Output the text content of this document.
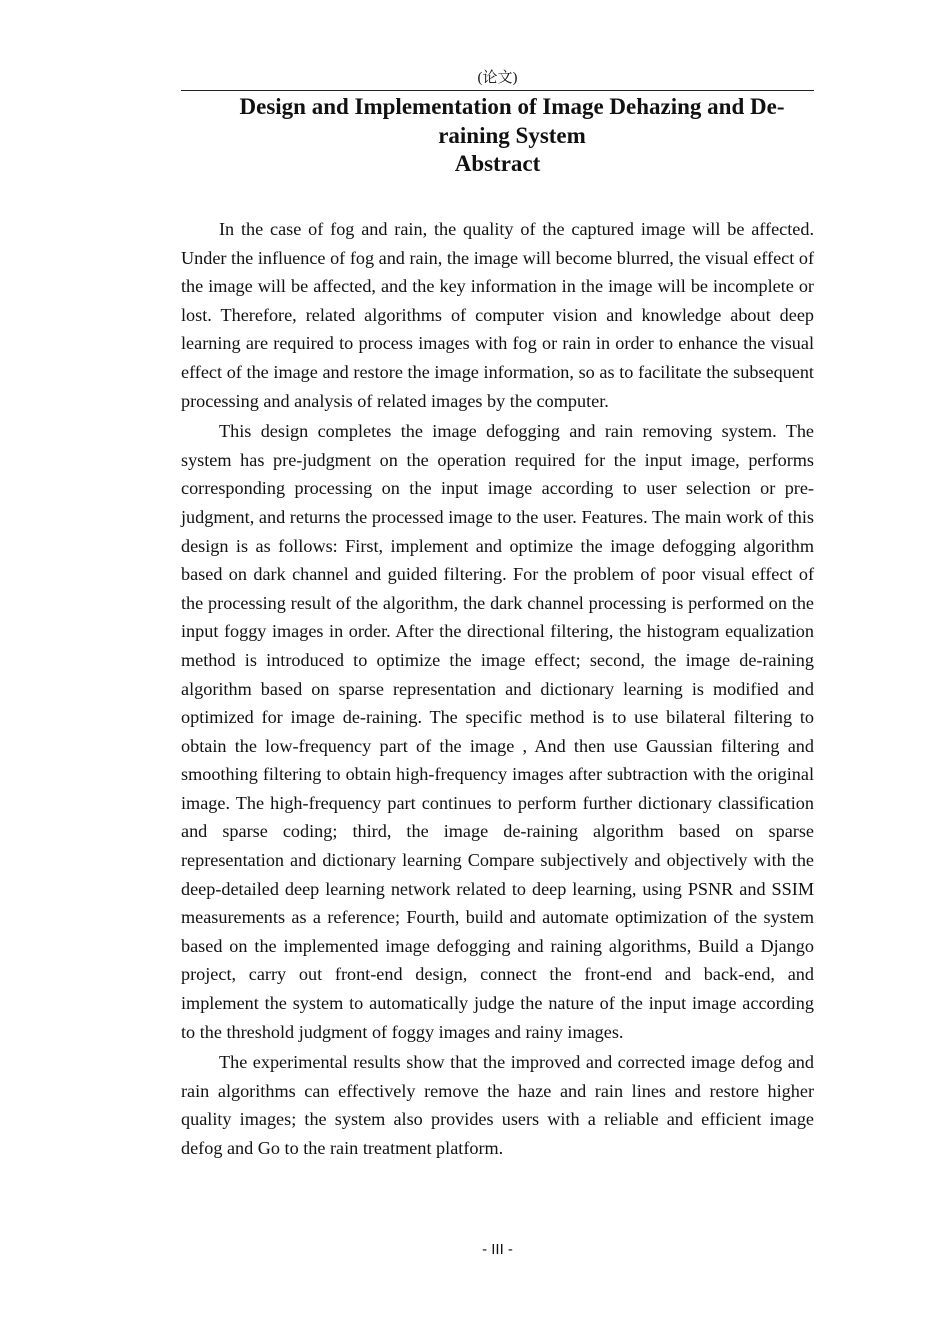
(论文)
Design and Implementation of Image Dehazing and De-raining System
Abstract

In the case of fog and rain, the quality of the captured image will be affected. Under the influence of fog and rain, the image will become blurred, the visual effect of the image will be affected, and the key information in the image will be incomplete or lost. Therefore, related algorithms of computer vision and knowledge about deep learning are required to process images with fog or rain in order to enhance the visual effect of the image and restore the image information, so as to facilitate the subsequent processing and analysis of related images by the computer.

This design completes the image defogging and rain removing system. The system has pre-judgment on the operation required for the input image, performs corresponding processing on the input image according to user selection or pre-judgment, and returns the processed image to the user. Features. The main work of this design is as follows: First, implement and optimize the image defogging algorithm based on dark channel and guided filtering. For the problem of poor visual effect of the processing result of the algorithm, the dark channel processing is performed on the input foggy images in order. After the directional filtering, the histogram equalization method is introduced to optimize the image effect; second, the image de-raining algorithm based on sparse representation and dictionary learning is modified and optimized for image de-raining. The specific method is to use bilateral filtering to obtain the low-frequency part of the image , And then use Gaussian filtering and smoothing filtering to obtain high-frequency images after subtraction with the original image. The high-frequency part continues to perform further dictionary classification and sparse coding; third, the image de-raining algorithm based on sparse representation and dictionary learning Compare subjectively and objectively with the deep-detailed deep learning network related to deep learning, using PSNR and SSIM measurements as a reference; Fourth, build and automate optimization of the system based on the implemented image defogging and raining algorithms, Build a Django project, carry out front-end design, connect the front-end and back-end, and implement the system to automatically judge the nature of the input image according to the threshold judgment of foggy images and rainy images.

The experimental results show that the improved and corrected image defog and rain algorithms can effectively remove the haze and rain lines and restore higher quality images; the system also provides users with a reliable and efficient image defog and Go to the rain treatment platform.

- III -
